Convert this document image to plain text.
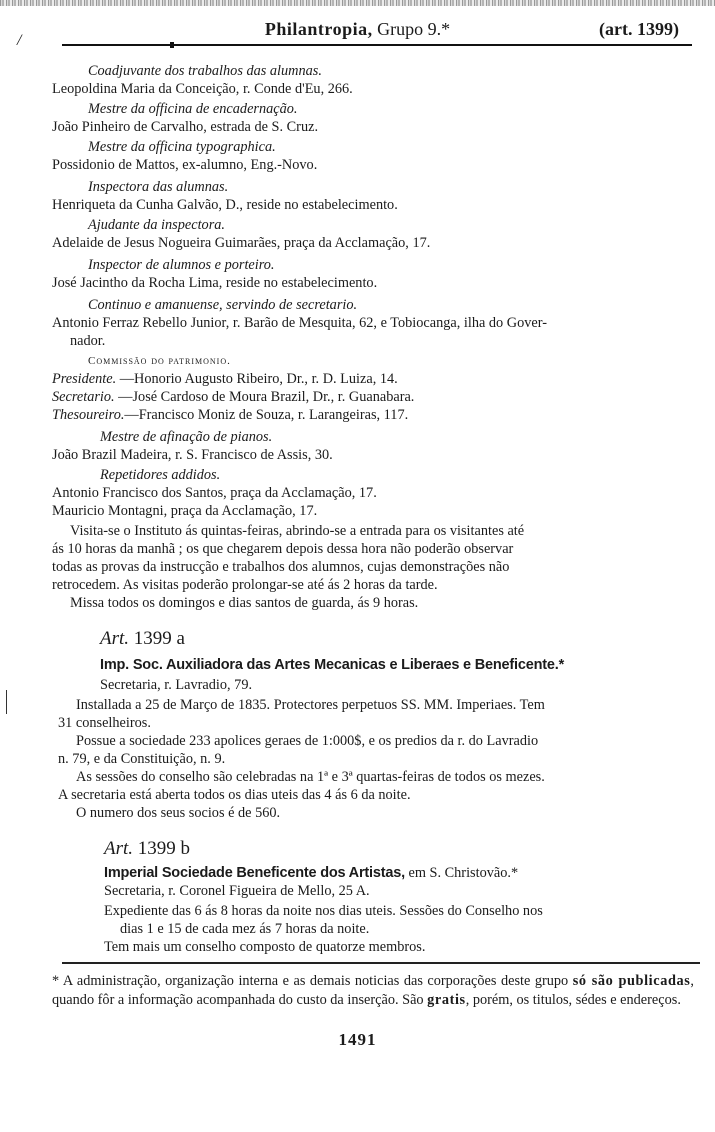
/
Philantropia, Grupo 9.*	(art. 1399)
Coadjuvante dos trabalhos das alumnas.
Leopoldina Maria da Conceição, r. Conde d'Eu, 266.
Mestre da officina de encadernação.
João Pinheiro de Carvalho, estrada de S. Cruz.
Mestre da officina typographica.
Possidonio de Mattos, ex-alumno, Eng.-Novo.
Inspectora das alumnas.
Henriqueta da Cunha Galvão, D., reside no estabelecimento.
Ajudante da inspectora.
Adelaide de Jesus Nogueira Guimarães, praça da Acclamação, 17.
Inspector de alumnos e porteiro.
José Jacintho da Rocha Lima, reside no estabelecimento.
Continuo e amanuense, servindo de secretario.
Antonio Ferraz Rebello Junior, r. Barão de Mesquita, 62, e Tobiocanga, ilha do Gover-
nador.
Commissão do patrimonio.
Presidente. —Honorio Augusto Ribeiro, Dr., r. D. Luiza, 14.
Secretario. —José Cardoso de Moura Brazil, Dr., r. Guanabara.
Thesoureiro.—Francisco Moniz de Souza, r. Larangeiras, 117.
Mestre de afinação de pianos.
João Brazil Madeira, r. S. Francisco de Assis, 30.
Repetidores addidos.
Antonio Francisco dos Santos, praça da Acclamação, 17.
Mauricio Montagni, praça da Acclamação, 17.
Visita-se o Instituto ás quintas-feiras, abrindo-se a entrada para os visitantes até
ás 10 horas da manhã ; os que chegarem depois dessa hora não poderão observar
todas as provas da instrucção e trabalhos dos alumnos, cujas demonstrações não
retrocedem. As visitas poderão prolongar-se até ás 2 horas da tarde.
Missa todos os domingos e dias santos de guarda, ás 9 horas.
Art. 1399 a
Imp. Soc. Auxiliadora das Artes Mecanicas e Liberaes e Beneficente.*
Secretaria, r. Lavradio, 79.
Installada a 25 de Março de 1835. Protectores perpetuos SS. MM. Imperiaes. Tem
31 conselheiros.
Possue a sociedade 233 apolices geraes de 1:000$, e os predios da r. do Lavradio
n. 79, e da Constituição, n. 9.
As sessões do conselho são celebradas na 1ª e 3ª quartas-feiras de todos os mezes.
A secretaria está aberta todos os dias uteis das 4 ás 6 da noite.
O numero dos seus socios é de 560.
Art. 1399 b
Imperial Sociedade Beneficente dos Artistas, em S. Christovão.*
Secretaria, r. Coronel Figueira de Mello, 25 A.
Expediente das 6 ás 8 horas da noite nos dias uteis. Sessões do Conselho nos
dias 1 e 15 de cada mez ás 7 horas da noite.
Tem mais um conselho composto de quatorze membros.
* A administração, organização interna e as demais noticias das corporações deste grupo só são publicadas, quando fôr a informação acompanhada do custo da inserção. São gratis, porém, os titulos, sédes e endereços.
1491
